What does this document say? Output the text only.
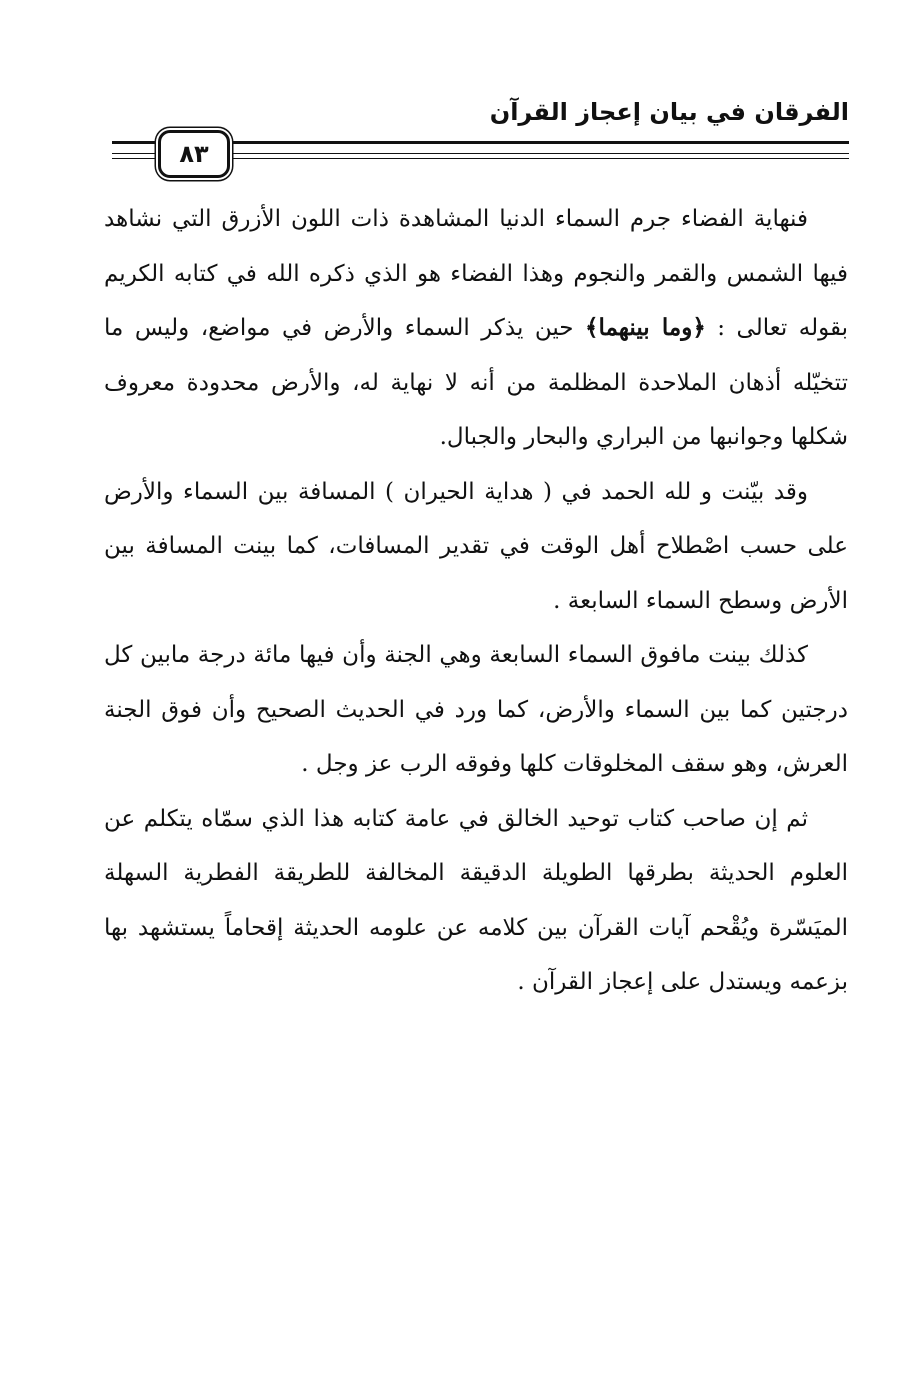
الفرقان في بيان إعجاز القرآن
٨٣

فنهاية الفضاء جرم السماء الدنيا المشاهدة ذات اللون الأزرق التي نشاهد فيها الشمس والقمر والنجوم وهذا الفضاء هو الذي ذكره الله في كتابه الكريم بقوله تعالى : ﴿وما بينهما﴾ حين يذكر السماء والأرض في مواضع، وليس ما تتخيّله أذهان الملاحدة المظلمة من أنه لا نهاية له، والأرض محدودة معروف شكلها وجوانبها من البراري والبحار والجبال.

وقد بيّنت و لله الحمد في ( هداية الحيران ) المسافة بين السماء والأرض على حسب اصْطلاح أهل الوقت في تقدير المسافات، كما بينت المسافة بين الأرض وسطح السماء السابعة .

كذلك بينت مافوق السماء السابعة وهي الجنة وأن فيها مائة درجة مابين كل درجتين كما بين السماء والأرض، كما ورد في الحديث الصحيح وأن فوق الجنة العرش، وهو سقف المخلوقات كلها وفوقه الرب عز وجل .

ثم إن صاحب كتاب توحيد الخالق في عامة كتابه هذا الذي سمّاه يتكلم عن العلوم الحديثة بطرقها الطويلة الدقيقة المخالفة للطريقة الفطرية السهلة الميَسّرة ويُقْحم آيات القرآن بين كلامه عن علومه الحديثة إقحاماً يستشهد بها بزعمه ويستدل على إعجاز القرآن .
